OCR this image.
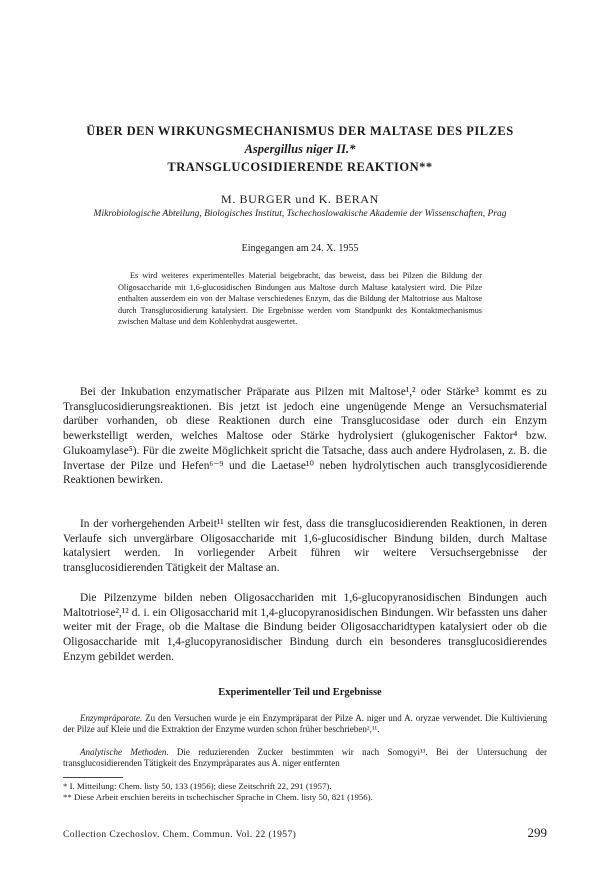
ÜBER DEN WIRKUNGSMECHANISMUS DER MALTASE DES PILZES
Aspergillus niger II.*
TRANSGLUCOSIDIERENDE REAKTION**
M. BURGER und K. BERAN
Mikrobiologische Abteilung, Biologisches Institut, Tschechoslowakische Akademie der Wissenschaften, Prag
Eingegangen am 24. X. 1955
Es wird weiteres experimentelles Material beigebracht, das beweist, dass bei Pilzen die Bildung der Oligosaccharide mit 1,6-glucosidischen Bindungen aus Maltose durch Maltase katalysiert wird. Die Pilze enthalten ausserdem ein von der Maltase verschiedenes Enzym, das die Bildung der Maltotriose aus Maltose durch Transglucosidierung katalysiert. Die Ergebnisse werden vom Standpunkt des Kontaktmechanismus zwischen Maltase und dem Kohlenhydrat ausgewertet.
Bei der Inkubation enzymatischer Präparate aus Pilzen mit Maltose¹,² oder Stärke³ kommt es zu Transglucosidierungsreaktionen. Bis jetzt ist jedoch eine ungenügende Menge an Versuchsmaterial darüber vorhanden, ob diese Reaktionen durch eine Transglucosidase oder durch ein Enzym bewerkstelligt werden, welches Maltose oder Stärke hydrolysiert (glukogenischer Faktor⁴ bzw. Glukoamylase⁵). Für die zweite Möglichkeit spricht die Tatsache, dass auch andere Hydrolasen, z. B. die Invertase der Pilze und Hefen⁶⁻⁹ und die Laetase¹⁰ neben hydrolytischen auch transglycosidierende Reaktionen bewirken.
In der vorhergehenden Arbeit¹¹ stellten wir fest, dass die transglucosidierenden Reaktionen, in deren Verlaufe sich unvergärbare Oligosaccharide mit 1,6-glucosidischer Bindung bilden, durch Maltase katalysiert werden. In vorliegender Arbeit führen wir weitere Versuchsergebnisse der transglucosidierenden Tätigkeit der Maltase an.
Die Pilzenzyme bilden neben Oligosacchariden mit 1,6-glucopyranosidischen Bindungen auch Maltotriose²,¹² d. i. ein Oligosaccharid mit 1,4-glucopyranosidischen Bindungen. Wir befassten uns daher weiter mit der Frage, ob die Maltase die Bindung beider Oligosaccharidtypen katalysiert oder ob die Oligosaccharide mit 1,4-glucopyranosidischer Bindung durch ein besonderes transglucosidierendes Enzym gebildet werden.
Experimenteller Teil und Ergebnisse
Enzympräparate. Zu den Versuchen wurde je ein Enzympräparat der Pilze A. niger und A. oryzae verwendet. Die Kultivierung der Pilze auf Kleie und die Extraktion der Enzyme wurden schon früher beschrieben²,¹¹.
Analytische Methoden. Die reduzierenden Zucker bestimmten wir nach Somogyi¹³. Bei der Untersuchung der transglucosidierenden Tätigkeit des Enzympräparates aus A. niger entfernten
* I. Mitteilung: Chem. listy 50, 133 (1956); diese Zeitschrift 22, 291 (1957).
** Diese Arbeit erschien bereits in tschechischer Sprache in Chem. listy 50, 821 (1956).
Collection Czechoslov. Chem. Commun. Vol. 22 (1957)	299
